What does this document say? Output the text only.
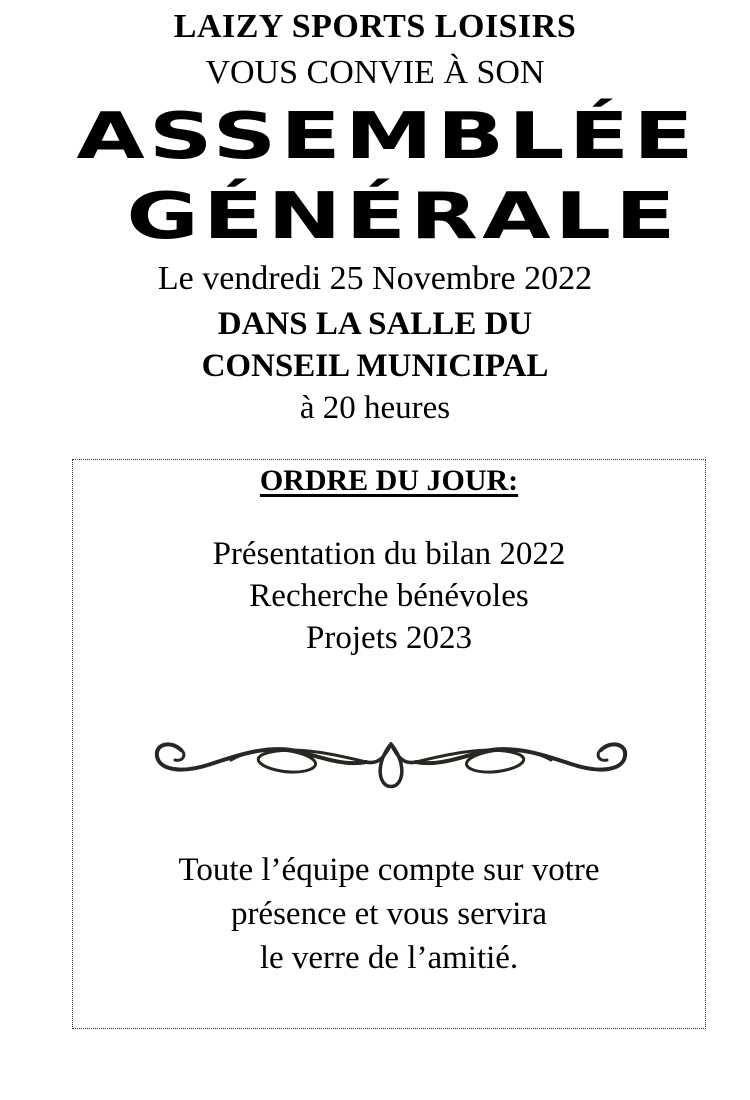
LAIZY SPORTS LOISIRS

VOUS CONVIE À SON

ASSEMBLÉE

GÉNÉRALE

Le vendredi 25 Novembre 2022

DANS LA SALLE DU

CONSEIL MUNICIPAL

à 20 heures

ORDRE DU JOUR:

Présentation du bilan 2022

Recherche bénévoles

Projets 2023

Toute l’équipe compte sur votre

présence et vous servira

le verre de l’amitié.
